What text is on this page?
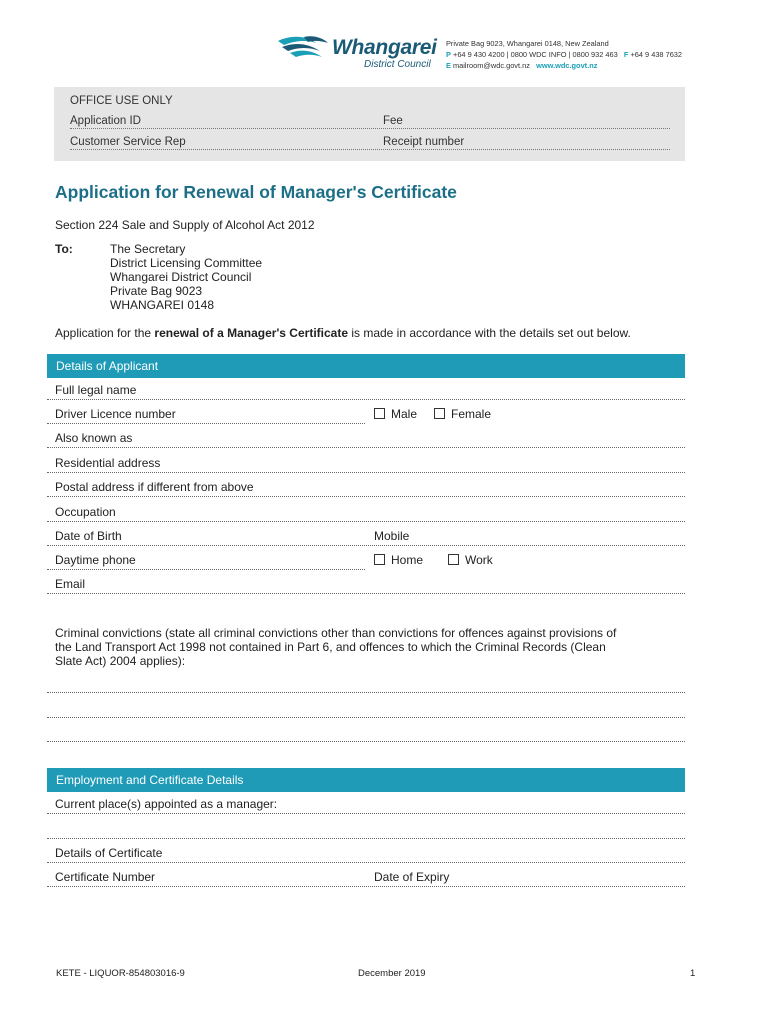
Whangarei
District Council
Private Bag 9023, Whangarei 0148, New Zealand
P +64 9 430 4200 | 0800 WDC INFO | 0800 932 463 F +64 9 438 7632
E mailroom@wdc.govt.nz www.wdc.govt.nz
OFFICE USE ONLY
Application ID	Fee
Customer Service Rep	Receipt number
Application for Renewal of Manager's Certificate
Section 224 Sale and Supply of Alcohol Act 2012
To:	The Secretary
District Licensing Committee
Whangarei District Council
Private Bag 9023
WHANGAREI 0148
Application for the renewal of a Manager's Certificate is made in accordance with the details set out below.
Details of Applicant
Full legal name
Driver Licence number	Male	Female
Also known as
Residential address
Postal address if different from above
Occupation
Date of Birth	Mobile
Daytime phone	Home	Work
Email
Criminal convictions (state all criminal convictions other than convictions for offences against provisions of
the Land Transport Act 1998 not contained in Part 6, and offences to which the Criminal Records (Clean
Slate Act) 2004 applies):
Employment and Certificate Details
Current place(s) appointed as a manager:
Details of Certificate
Certificate Number	Date of Expiry
KETE - LIQUOR-854803016-9	December 2019	1
